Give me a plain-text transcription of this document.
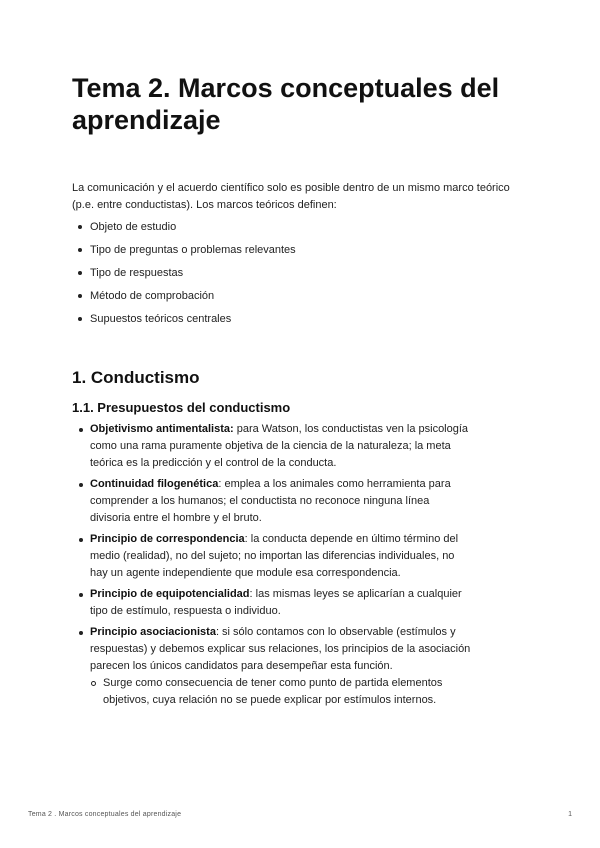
Tema 2. Marcos conceptuales del aprendizaje

La comunicación y el acuerdo científico solo es posible dentro de un mismo marco teórico (p.e. entre conductistas). Los marcos teóricos definen:

Objeto de estudio
Tipo de preguntas o problemas relevantes
Tipo de respuestas
Método de comprobación
Supuestos teóricos centrales
1. Conductismo
1.1. Presupuestos del conductismo
Objetivismo antimentalista: para Watson, los conductistas ven la psicología como una rama puramente objetiva de la ciencia de la naturaleza; la meta teórica es la predicción y el control de la conducta.
Continuidad filogenética: emplea a los animales como herramienta para comprender a los humanos; el conductista no reconoce ninguna línea divisoria entre el hombre y el bruto.
Principio de correspondencia: la conducta depende en último término del medio (realidad), no del sujeto; no importan las diferencias individuales, no hay un agente independiente que module esa correspondencia.
Principio de equipotencialidad: las mismas leyes se aplicarían a cualquier tipo de estímulo, respuesta o individuo.
Principio asociacionista: si sólo contamos con lo observable (estímulos y respuestas) y debemos explicar sus relaciones, los principios de la asociación parecen los únicos candidatos para desempeñar esta función.
Surge como consecuencia de tener como punto de partida elementos objetivos, cuya relación no se puede explicar por estímulos internos.
Tema 2 . Marcos conceptuales del aprendizaje	1
